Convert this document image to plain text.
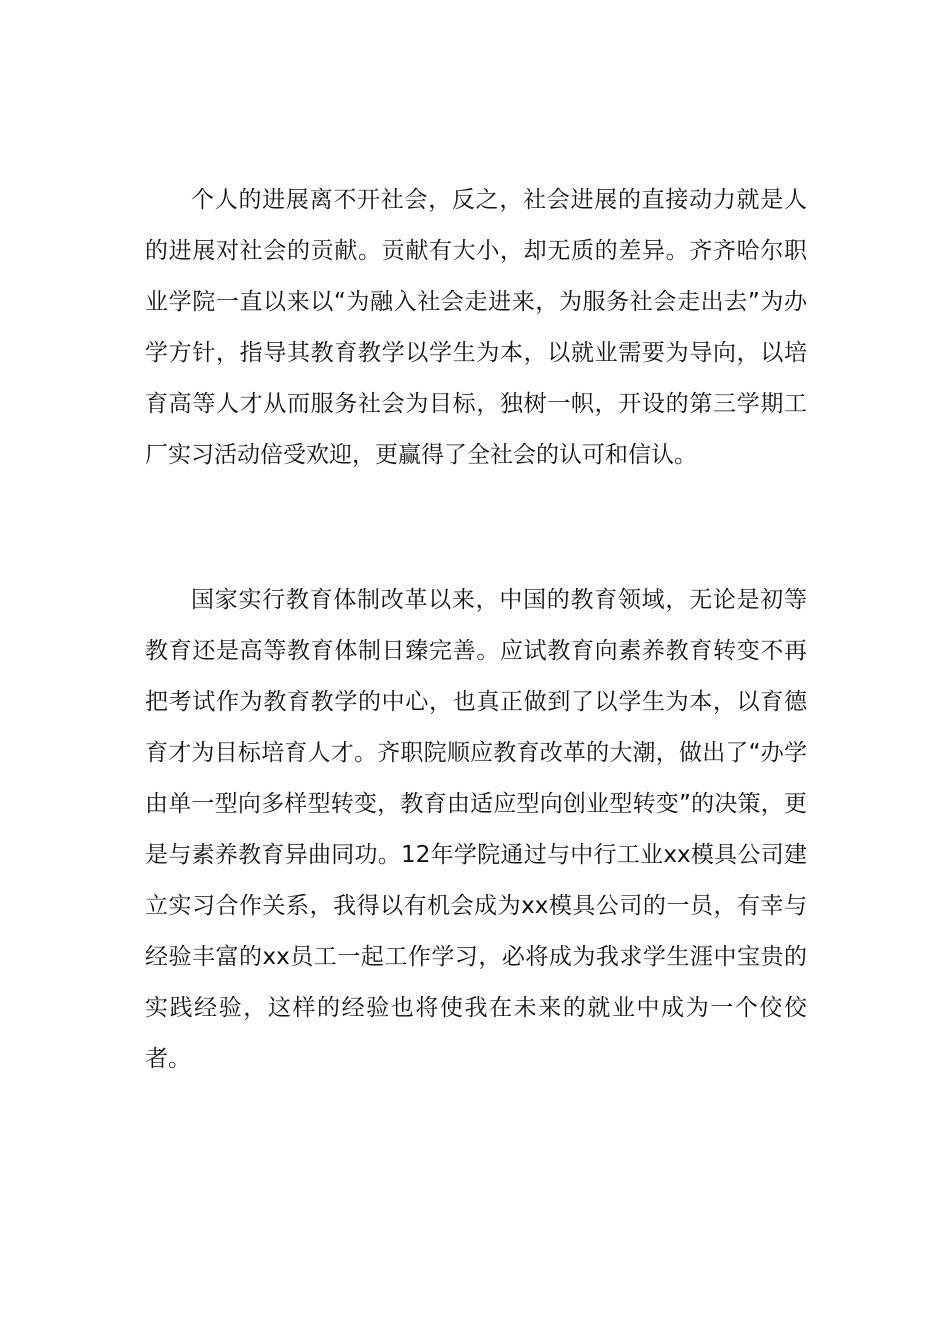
个人的进展离不开社会，反之，社会进展的直接动力就是人的进展对社会的贡献。贡献有大小，却无质的差异。齐齐哈尔职业学院一直以来以“为融入社会走进来，为服务社会走出去”为办学方针，指导其教育教学以学生为本，以就业需要为导向，以培育高等人才从而服务社会为目标，独树一帜，开设的第三学期工厂实习活动倍受欢迎，更赢得了全社会的认可和信认。

国家实行教育体制改革以来，中国的教育领域，无论是初等教育还是高等教育体制日臻完善。应试教育向素养教育转变不再把考试作为教育教学的中心，也真正做到了以学生为本，以育德育才为目标培育人才。齐职院顺应教育改革的大潮，做出了“办学由单一型向多样型转变，教育由适应型向创业型转变”的决策，更是与素养教育异曲同功。12年学院通过与中行工业xx模具公司建立实习合作关系，我得以有机会成为xx模具公司的一员，有幸与经验丰富的xx员工一起工作学习，必将成为我求学生涯中宝贵的实践经验，这样的经验也将使我在未来的就业中成为一个佼佼者。
